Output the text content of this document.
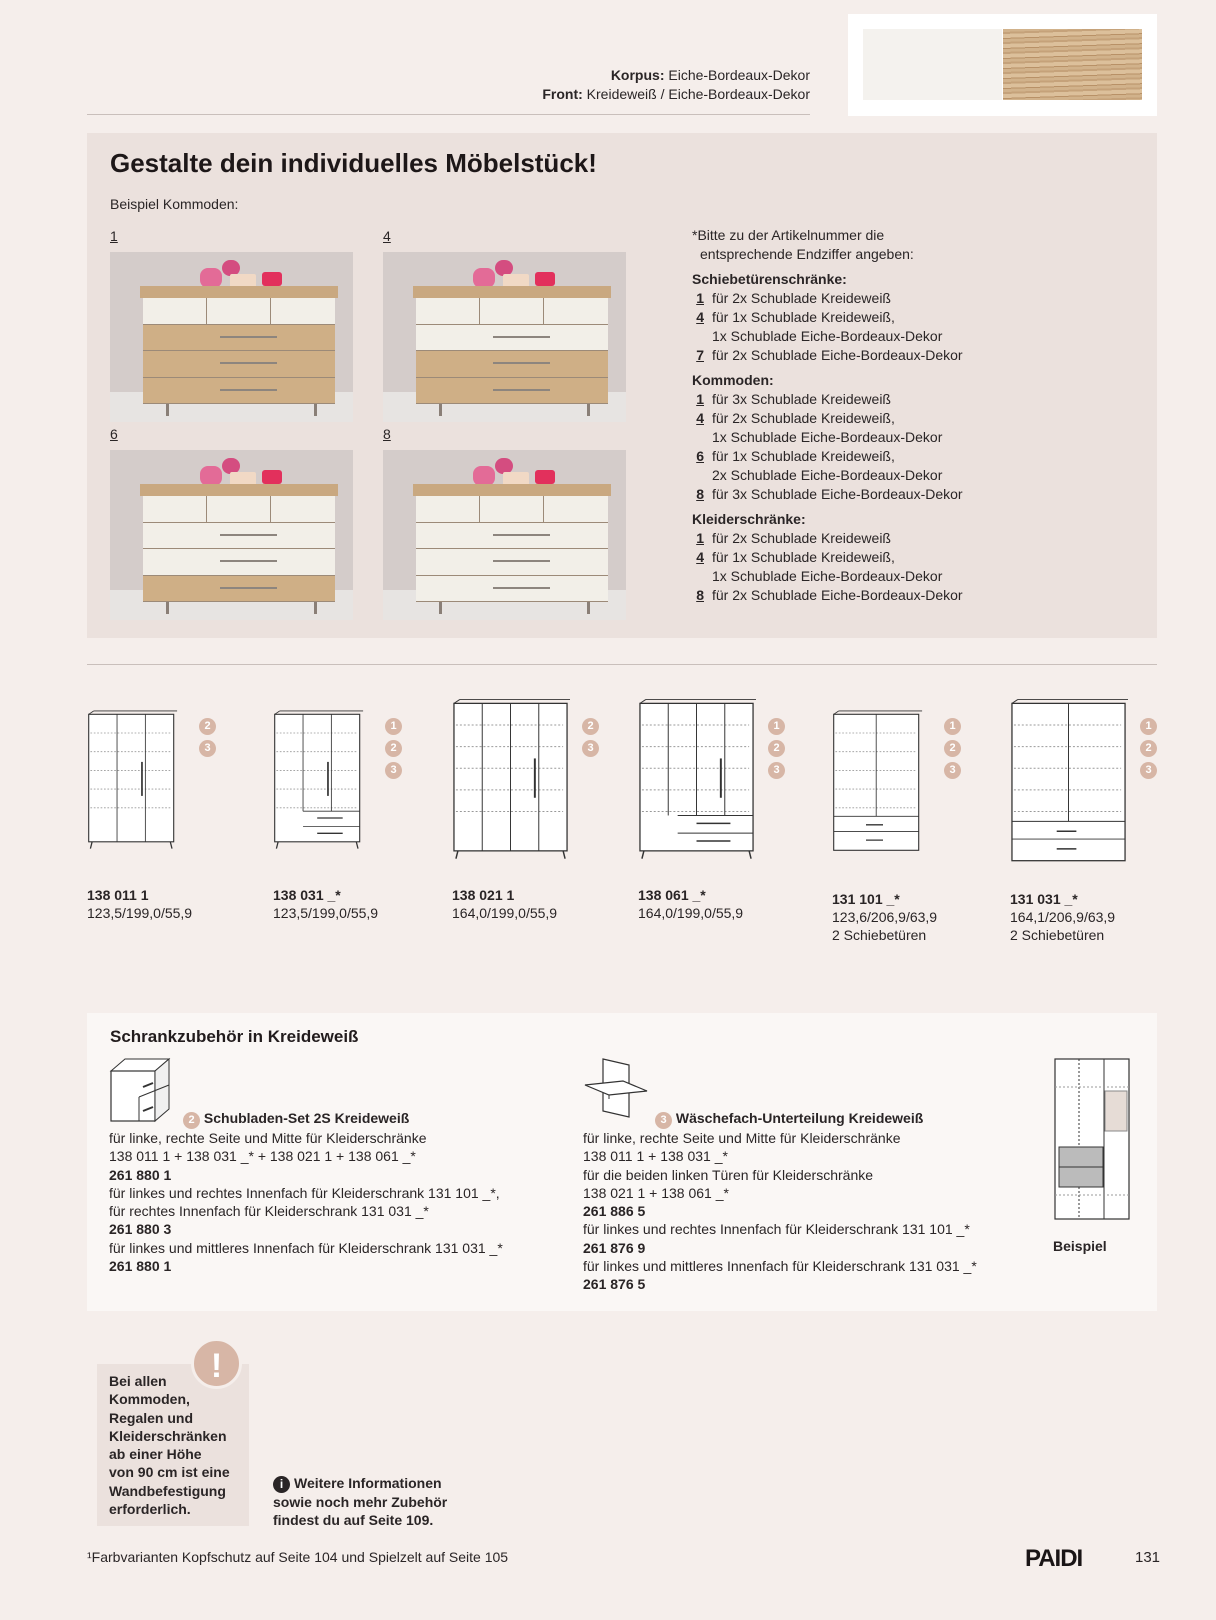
Korpus: Eiche-Bordeaux-Dekor
Front: Kreideweiß / Eiche-Bordeaux-Dekor
Gestalte dein individuelles Möbelstück!
Beispiel Kommoden:
1	4
6	8
*Bitte zu der Artikelnummer die
entsprechende Endziffer angeben:
Schiebetürenschränke:
1 für 2x Schublade Kreideweiß
4 für 1x Schublade Kreideweiß,
1x Schublade Eiche-Bordeaux-Dekor
7 für 2x Schublade Eiche-Bordeaux-Dekor
Kommoden:
1 für 3x Schublade Kreideweiß
4 für 2x Schublade Kreideweiß,
1x Schublade Eiche-Bordeaux-Dekor
6 für 1x Schublade Kreideweiß,
2x Schublade Eiche-Bordeaux-Dekor
8 für 3x Schublade Eiche-Bordeaux-Dekor
Kleiderschränke:
1 für 2x Schublade Kreideweiß
4 für 1x Schublade Kreideweiß,
1x Schublade Eiche-Bordeaux-Dekor
8 für 2x Schublade Eiche-Bordeaux-Dekor
2
3
138 011 1
123,5/199,0/55,9
1
2
3
138 031 _*
123,5/199,0/55,9
2
3
138 021 1
164,0/199,0/55,9
1
2
3
138 061 _*
164,0/199,0/55,9
1
2
3
131 101 _*
123,6/206,9/63,9
2 Schiebetüren
1
2
3
131 031 _*
164,1/206,9/63,9
2 Schiebetüren
Schrankzubehör in Kreideweiß
2 Schubladen-Set 2S Kreideweiß
für linke, rechte Seite und Mitte für Kleiderschränke
138 011 1 + 138 031 _* + 138 021 1 + 138 061 _*
261 880 1
für linkes und rechtes Innenfach für Kleiderschrank 131 101 _*,
für rechtes Innenfach für Kleiderschrank 131 031 _*
261 880 3
für linkes und mittleres Innenfach für Kleiderschrank 131 031 _*
261 880 1
3 Wäschefach-Unterteilung Kreideweiß
für linke, rechte Seite und Mitte für Kleiderschränke
138 011 1 + 138 031 _*
für die beiden linken Türen für Kleiderschränke
138 021 1 + 138 061 _*
261 886 5
für linkes und rechtes Innenfach für Kleiderschrank 131 101 _*
261 876 9
für linkes und mittleres Innenfach für Kleiderschrank 131 031 _*
261 876 5
Beispiel
Bei allen
Kommoden,
Regalen und
Kleiderschränken
ab einer Höhe
von 90 cm ist eine
Wandbefestigung
erforderlich.
!
i Weitere Informationen
sowie noch mehr Zubehör
findest du auf Seite 109.
¹Farbvarianten Kopfschutz auf Seite 104 und Spielzelt auf Seite 105	PAIDI	131
